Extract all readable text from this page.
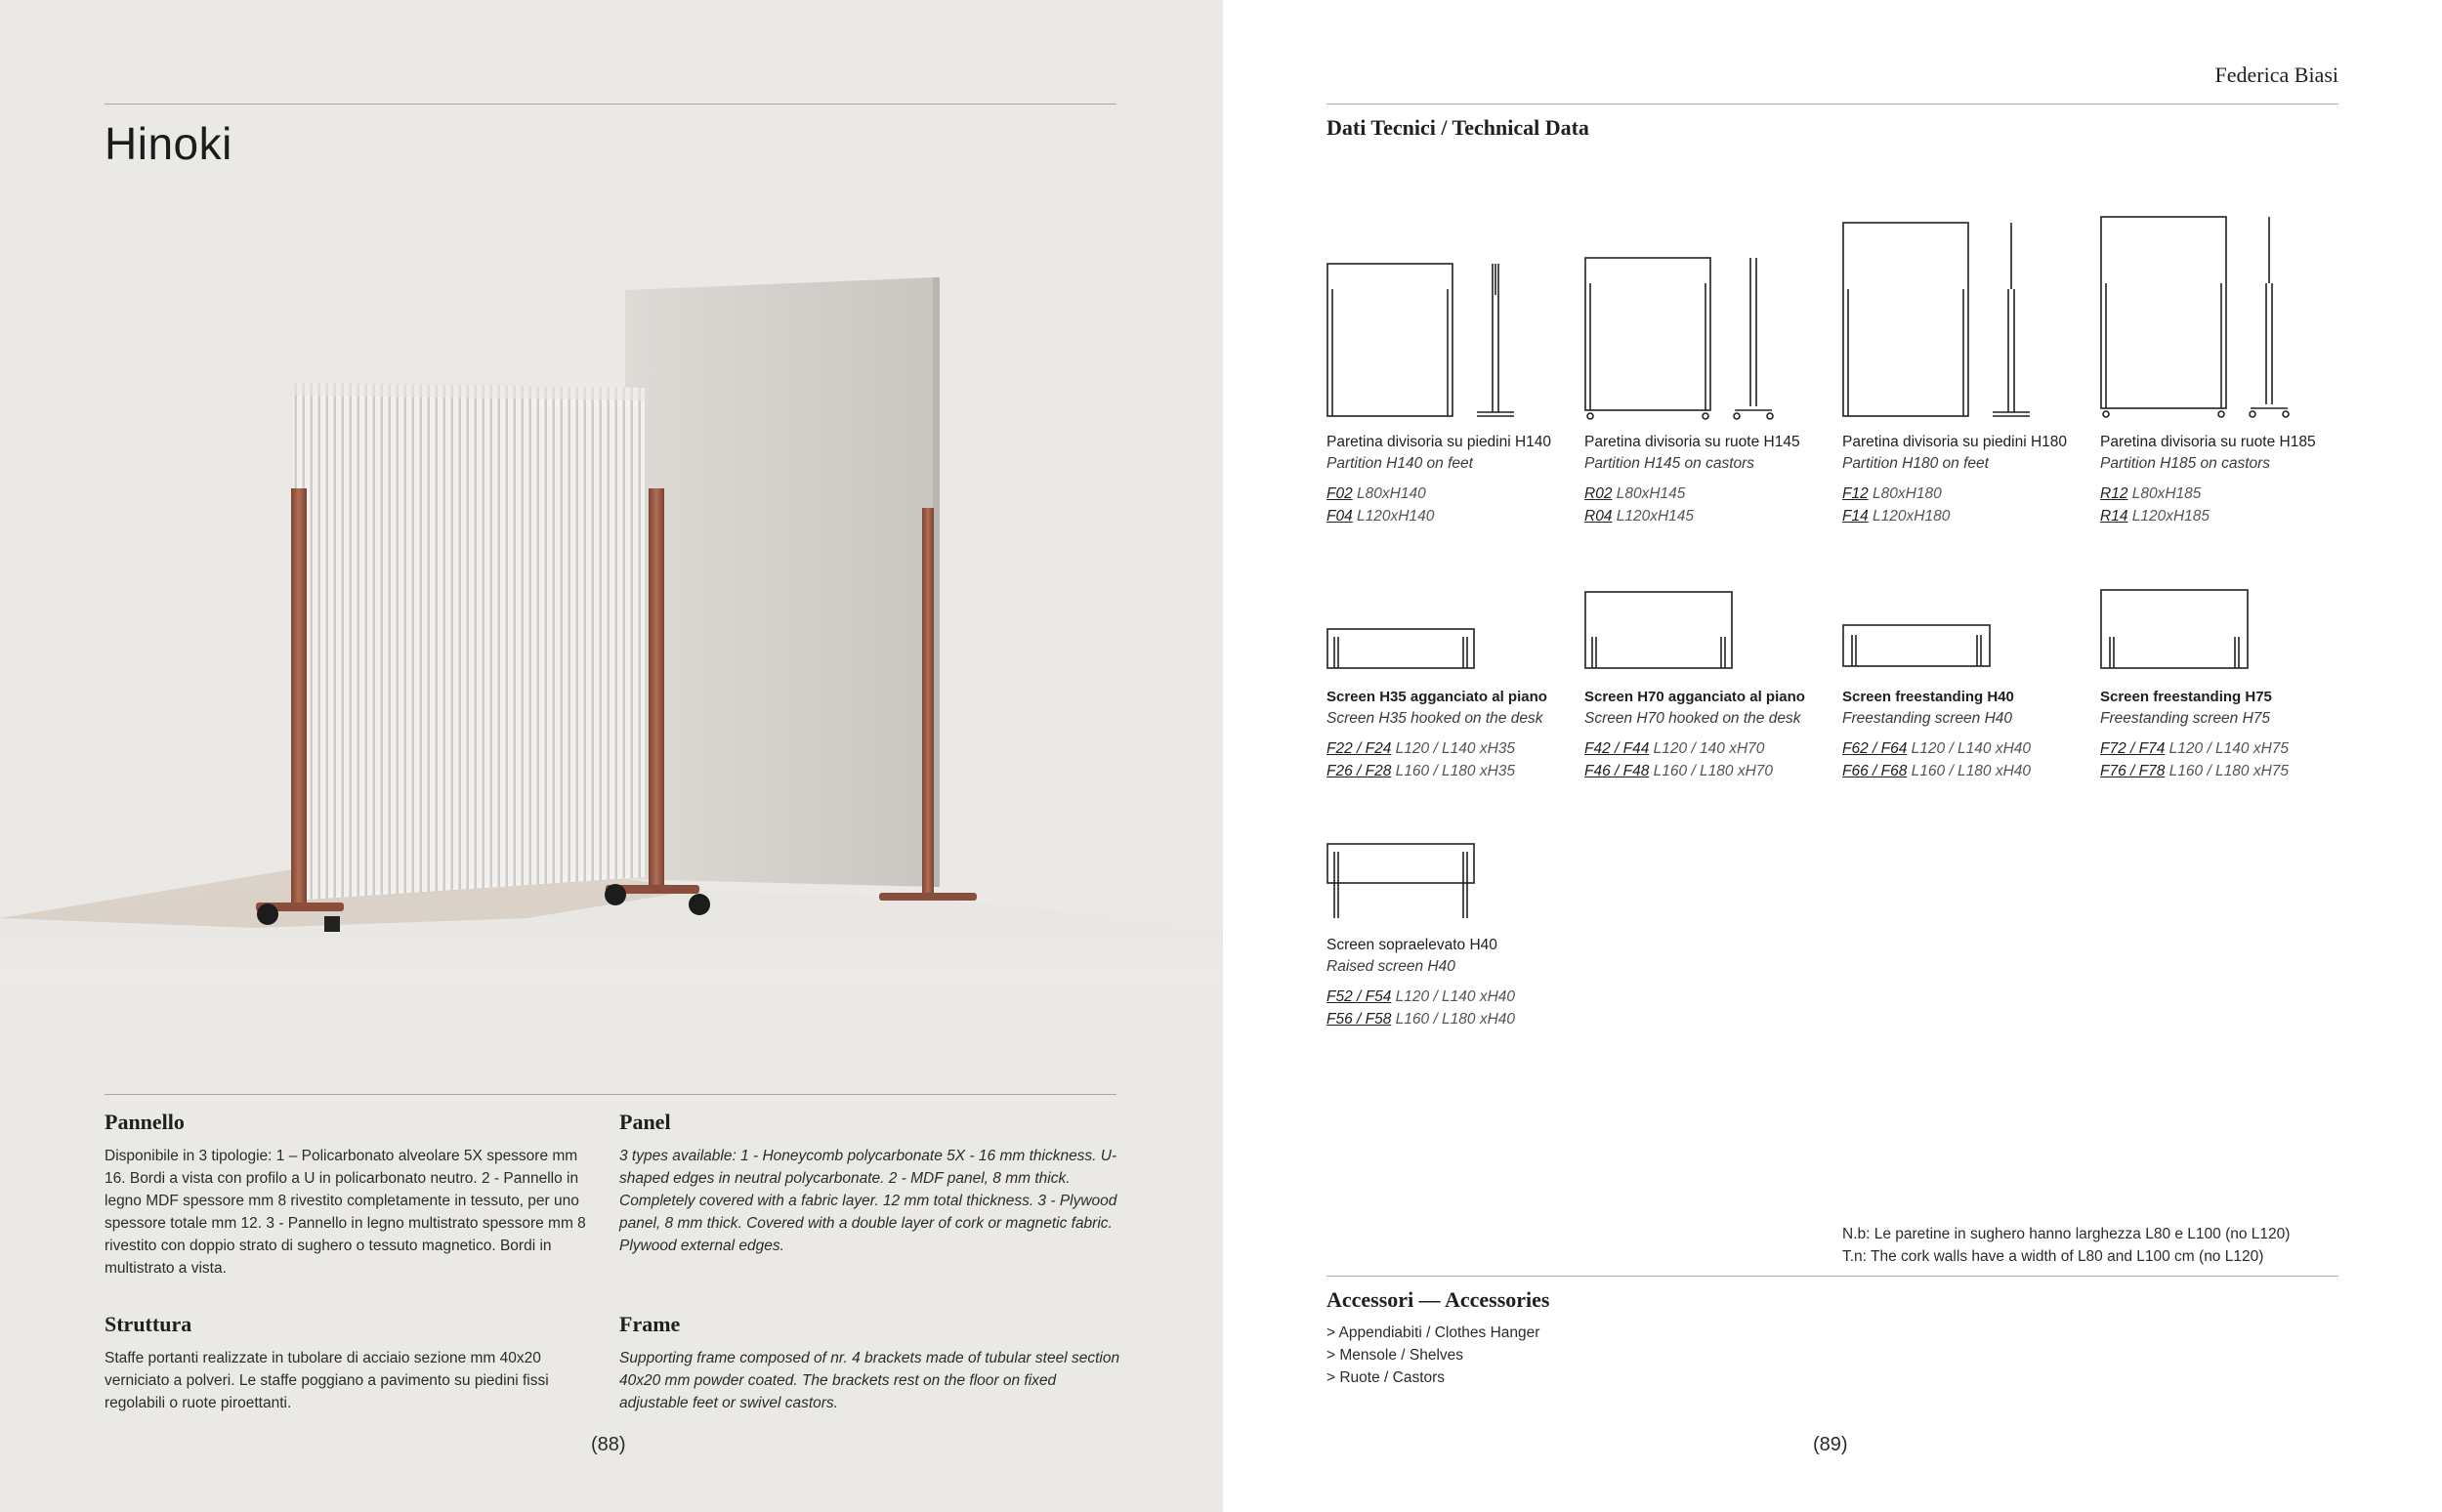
Hinoki
Pannello

Disponibile in 3 tipologie: 1 – Policarbonato alveolare 5X spessore mm 16. Bordi a vista con profilo a U in policarbonato neutro. 2 - Pannello in legno MDF spessore mm 8 rivestito completamente in tessuto, per uno spessore totale mm 12. 3 - Pannello in legno multistrato spessore mm 8 rivestito con doppio strato di sughero o tessuto magnetico. Bordi in multistrato a vista.

Panel

3 types available: 1 - Honeycomb polycarbonate 5X - 16 mm thickness. U-shaped edges in neutral polycarbonate. 2 - MDF panel, 8 mm thick. Completely covered with a fabric layer. 12 mm total thickness. 3 - Plywood panel, 8 mm thick. Covered with a double layer of cork or magnetic fabric. Plywood external edges.

Struttura

Staffe portanti realizzate in tubolare di acciaio sezione mm 40x20 verniciato a polveri. Le staffe poggiano a pavimento su piedini fissi regolabili o ruote piroettanti.

Frame

Supporting frame composed of nr. 4 brackets made of tubular steel section 40x20 mm powder coated. The brackets rest on the floor on fixed adjustable feet or swivel castors.

(88)
Federica Biasi
Dati Tecnici / Technical Data
Paretina divisoria su piedini H140
Partition H140 on feet
F02 L80xH140
F04 L120xH140
Paretina divisoria su ruote H145
Partition H145 on castors
R02 L80xH145
R04 L120xH145
Paretina divisoria su piedini H180
Partition H180 on feet
F12 L80xH180
F14 L120xH180
Paretina divisoria su ruote H185
Partition H185 on castors
R12 L80xH185
R14 L120xH185
Screen H35 agganciato al piano
Screen H35 hooked on the desk
F22 / F24 L120 / L140 xH35
F26 / F28 L160 / L180 xH35
Screen H70 agganciato al piano
Screen H70 hooked on the desk
F42 / F44 L120 / 140 xH70
F46 / F48 L160 / L180 xH70
Screen freestanding H40
Freestanding screen H40
F62 / F64 L120 / L140 xH40
F66 / F68 L160 / L180 xH40
Screen freestanding H75
Freestanding screen H75
F72 / F74 L120 / L140 xH75
F76 / F78 L160 / L180 xH75
Screen sopraelevato H40
Raised screen H40
F52 / F54 L120 / L140 xH40
F56 / F58 L160 / L180 xH40
N.b: Le paretine in sughero hanno larghezza L80 e L100 (no L120)
T.n: The cork walls have a width of L80 and L100 cm (no L120)
Accessori — Accessories
> Appendiabiti / Clothes Hanger
> Mensole / Shelves
> Ruote / Castors
(89)
